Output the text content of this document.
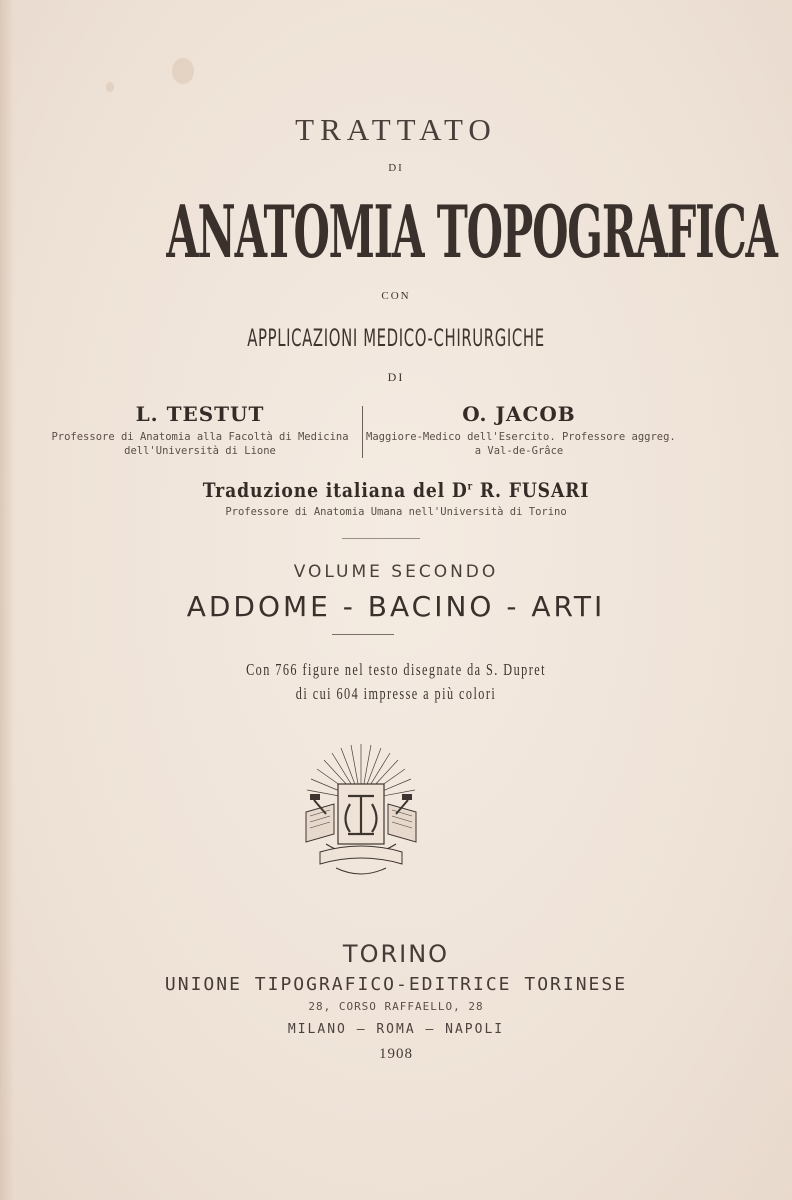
TRATTATO
DI
ANATOMIA TOPOGRAFICA
CON
APPLICAZIONI MEDICO-CHIRURGICHE
DI
L. TESTUT
Professore di Anatomia alla Facoltà di Medicina
dell'Università di Lione
O. JACOB
Maggiore-Medico dell'Esercito. Professore aggreg.
a Val-de-Grâce
Traduzione italiana del $D^r$ R. FUSARI
Professore di Anatomia Umana nell'Università di Torino
VOLUME SECONDO
ADDOME - BACINO - ARTI
Con 766 figure nel testo disegnate da S. Dupret
di cui 604 impresse a più colori
TORINO
UNIONE TIPOGRAFICO-EDITRICE TORINESE
28, CORSO RAFFAELLO, 28
MILANO — ROMA — NAPOLI
1908
